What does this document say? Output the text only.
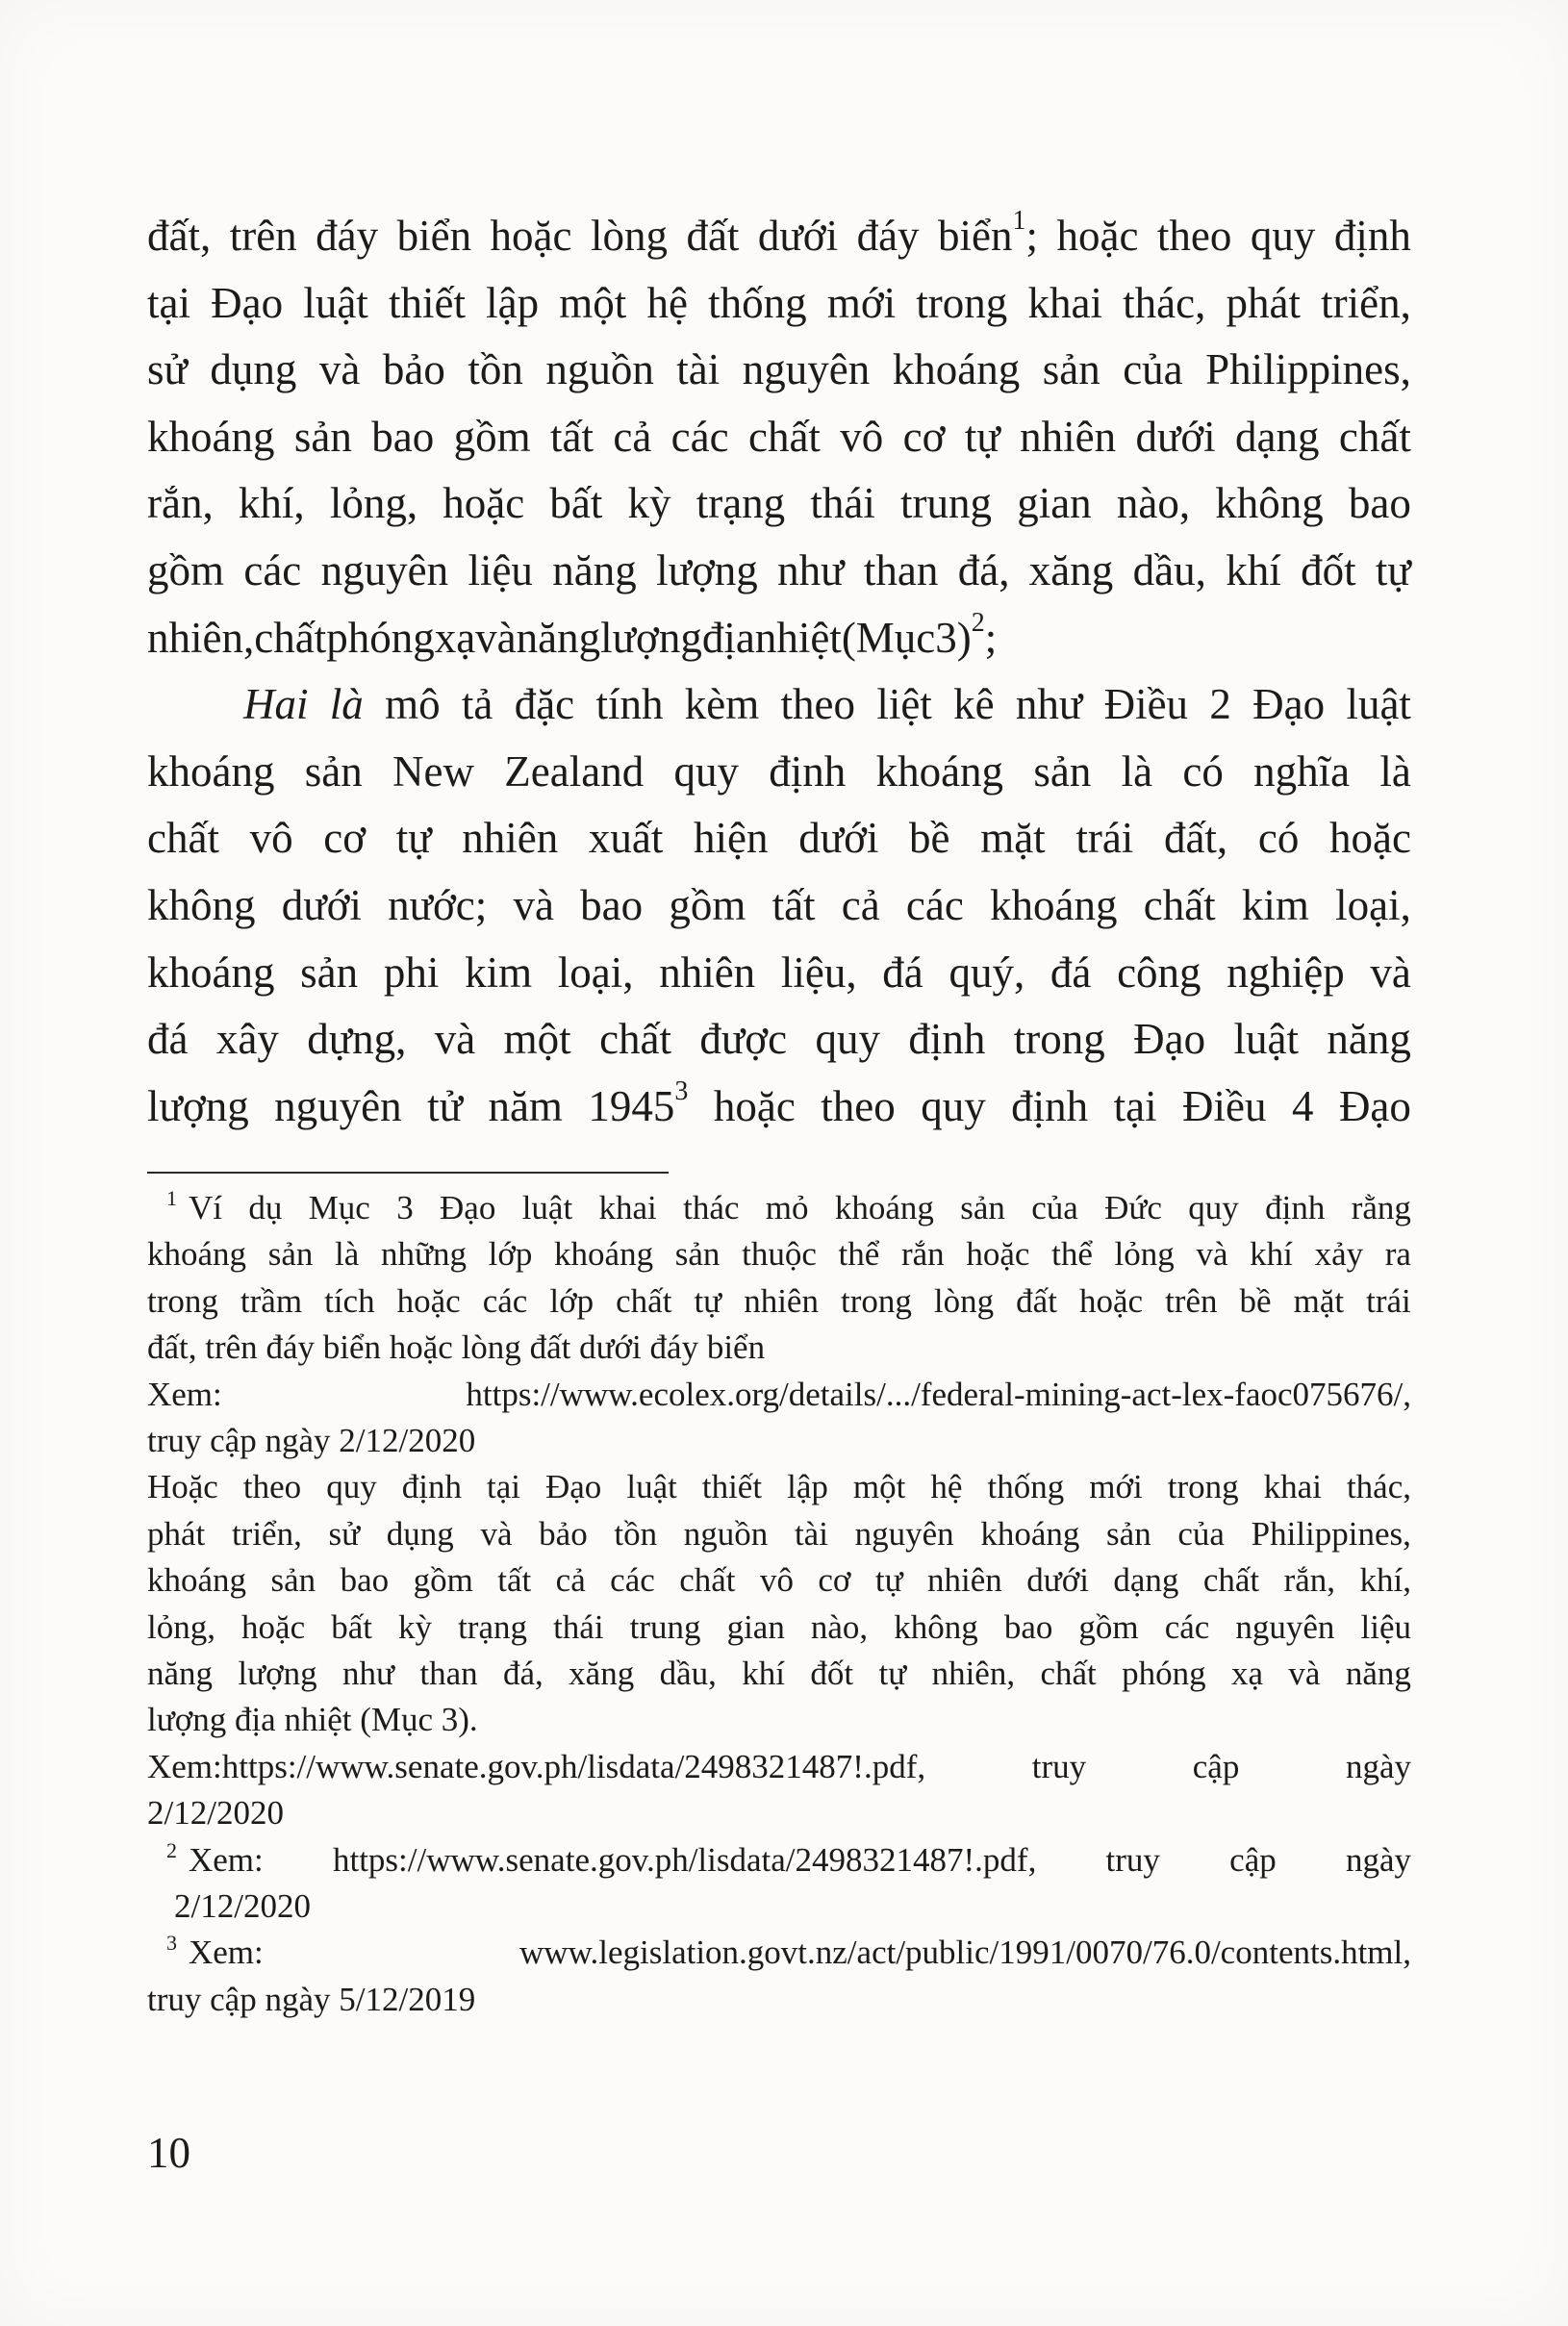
đất, trên đáy biển hoặc lòng đất dưới đáy biển$^1$; hoặc theo quy định
tại Đạo luật thiết lập một hệ thống mới trong khai thác, phát triển,
sử dụng và bảo tồn nguồn tài nguyên khoáng sản của Philippines,
khoáng sản bao gồm tất cả các chất vô cơ tự nhiên dưới dạng chất
rắn, khí, lỏng, hoặc bất kỳ trạng thái trung gian nào, không bao
gồm các nguyên liệu năng lượng như than đá, xăng dầu, khí đốt tự
nhiên,chấtphóngxạvànănglượngđịanhiệt(Mục3)$^2$;
Hai là mô tả đặc tính kèm theo liệt kê như Điều 2 Đạo luật
khoáng sản New Zealand quy định khoáng sản là có nghĩa là
chất vô cơ tự nhiên xuất hiện dưới bề mặt trái đất, có hoặc
không dưới nước; và bao gồm tất cả các khoáng chất kim loại,
khoáng sản phi kim loại, nhiên liệu, đá quý, đá công nghiệp và
đá xây dựng, và một chất được quy định trong Đạo luật năng
lượng nguyên tử năm 1945$^3$ hoặc theo quy định tại Điều 4 Đạo
$^1$ Ví dụ Mục 3 Đạo luật khai thác mỏ khoáng sản của Đức quy định rằng
khoáng sản là những lớp khoáng sản thuộc thể rắn hoặc thể lỏng và khí xảy ra
trong trầm tích hoặc các lớp chất tự nhiên trong lòng đất hoặc trên bề mặt trái
đất, trên đáy biển hoặc lòng đất dưới đáy biển
Xem:	https://www.ecolex.org/details/.../federal-mining-act-lex-faoc075676/,
truy cập ngày 2/12/2020
Hoặc theo quy định tại Đạo luật thiết lập một hệ thống mới trong khai thác,
phát triển, sử dụng và bảo tồn nguồn tài nguyên khoáng sản của Philippines,
khoáng sản bao gồm tất cả các chất vô cơ tự nhiên dưới dạng chất rắn, khí,
lỏng, hoặc bất kỳ trạng thái trung gian nào, không bao gồm các nguyên liệu
năng lượng như than đá, xăng dầu, khí đốt tự nhiên, chất phóng xạ và năng
lượng địa nhiệt (Mục 3).
Xem:https://www.senate.gov.ph/lisdata/2498321487!.pdf,	truy	cập	ngày
2/12/2020
$^2$ Xem: https://www.senate.gov.ph/lisdata/2498321487!.pdf, truy cập ngày
2/12/2020
$^3$ Xem:	www.legislation.govt.nz/act/public/1991/0070/76.0/contents.html,
truy cập ngày 5/12/2019
10
